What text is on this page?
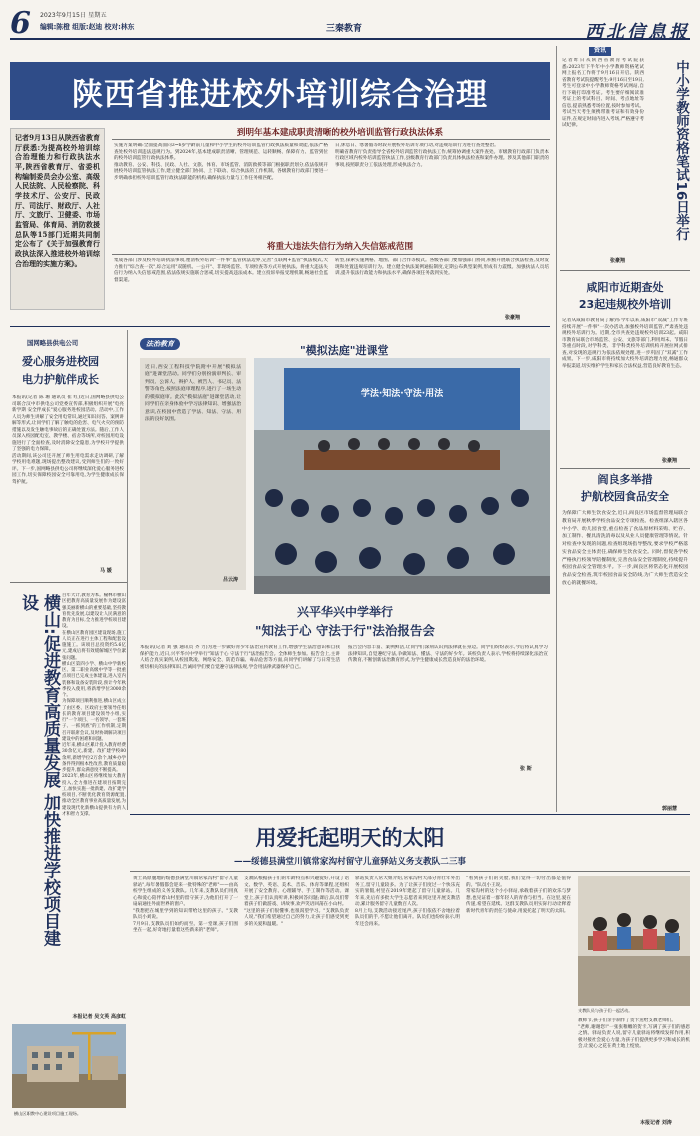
6 2023年9月15日 星期五
编辑:陈橙 组版:赵迪 校对:林东	三秦教育	西北信息报
陕西省推进校外培训综合治理
记者9月13日从陕西省教育厅获悉:为提高校外培训综合治理能力和行政执法水平,陕西省教育厅、省委机构编制委员会办公室、高级人民法院、人民检察院、科学技术厅、公安厅、民政厅、司法厅、财政厅、人社厅、文旅厅、卫健委、市场监管局、体育局、消防救援总队等15部门近期共同制定公布了《关于加强教育行政执法深入推进校外培训综合治理的实施方案》。
到明年基本建成职责清晰的校外培训监管行政执法体系
实施方案明确:全面提高面向3~6岁学龄前儿童和中小学生的校外培训监管行政执法质量和效能,依法严格查处校外培训违法违规行为。到2024年,基本建成职责清晰、管理规范、运转顺畅、保障有力、监管到位的校外培训监管行政执法体系。
推动教育、公安、科技、民政、人社、文旅、体育、市场监管、消防救援等部门根据职责划分,依法依规开展校外培训监管执法工作,建立健全部门协同、上下联动、综合执法的工作机制。各级教育行政部门要进一步明确承担校外培训监管行政执法职能的机构,确保执法力量与工作任务相匹配。
日,休息日、寒暑假等时段开展校外培训专项行动,对违规培训行为进行查处整治。
明确省教育厅负责指导全省校外培训监管行政执法工作,统筹协调重大案件查处。市级教育行政部门负责本行政区域内校外培训监管执法工作,县级教育行政部门负责具体执法检查和案件办理。涉及其他部门职责的事项,按照职责分工依法处理,形成执法合力。
将重大违法失信行为纳入失信惩戒范围
集成各部门涉及校外培训执法事项,厘清校外培训"一件事"监管执法边界,完善"互联网+监管"执法模式,大力推行"综合查一次",综合运用"双随机、一公开"、非现场监管、专项检查等方式开展执法。将重大违法失信行为纳入失信惩戒范围,依法依规实施联合惩戒,切实提高违法成本。建立投诉举报受理机制,畅通社会监督渠道。
转型,探索实施网格、地图、部门合作等模式。各级各部门要加强部门协同,积极开展联合执法检查,及时发现和处置违规培训行为。建立健全执法案例通报制度,定期公布典型案例,形成有力震慑。加强执法人员培训,提升依法行政能力和执法水平,确保各项任务落到实处。
张豪翔
国网略县供电公司
爱心服务进校园
电力护航伴成长
本报讯(记者 陈 珊 通讯员 崔 红)近日,国网略县供电公司联合汉中市供电公司党委宣传部,积极组织开展"电亮新学期 安全伴成长"爱心服务进校园活动。活动中,工作人员为师生讲解了安全用电常识,通过知识问答、案例讲解等形式,让同学们了解了触电的危害、电气火灾的预防措施以及发生触电事故后的正确处置方法。随后,工作人员深入校园配电室、教学楼、宿舍等场所,对校园用电设施进行了全面检查,及时消除安全隐患,为学校开学提供了坚强的电力保障。
活动期间,该公司还开展了师生用电需求走访调研,了解学校用电难题,现场提出整改建议,受到师生们的一致好评。下一步,国网略县供电公司将继续深化爱心服务进校园工作,切实保障校园安全可靠用电,为学生健康成长保驾护航。
马 媛
横山:促进教育高质量发展 加快推进学校项目建设	百年大计,教育为本。榆林市横山区把教育高质量发展作为建设富强美丽新横山的重要基础,坚持教育优先发展,以建设让人民满意的教育为目标,全力推进学校项目建设。
在横山区教育园区建设现场,施工人员正在进行主体工程和配套设施施工。该项目总投资约5.6亿元,建成后将有效缓解城区学位紧张问题。
横山区第四小学、横山中学新校区、第二职业高级中学等一批重点项目已完成主体建设,进入室内装修和设备安装阶段,预计今年秋季投入使用,将新增学位3000余个。
为保障项目顺利推进,横山区成立了由区委、区政府主要领导任组长的教育项目建设领导小组,实行"一个项目、一名领导、一套班子、一抓到底"的工作机制,定期召开联席会议,及时协调解决项目建设中的困难和问题。
近年来,横山区累计投入教育经费30余亿元,新建、改扩建学校80余所,新增学位2万余个,城乡办学条件得到根本性改善,教育质量稳步提升,群众满意度不断提高。
2023年,横山区将继续加大教育投入,全力推进在建项目按期完工,加快实施一批新建、改扩建学校项目,不断优化教育资源配置,推动全区教育事业高质量发展,为建设现代化新横山提供有力的人才和智力支撑。
本报记者 吴文英 高彦虹
横山区职教中心建设项目施工现场。
法治教育
近日,西安工程科技学院附中开展"模拟法庭"进课堂活动。同学们分别扮演审判长、审判员、公诉人、辩护人、被告人、书记员、法警等角色,按照法庭审理程序,进行了一场生动的模拟庭审。此次"模拟法庭"进课堂活动,让同学们在亲身体验中学习法律知识、增强法治意识,在校园中营造了学法、知法、守法、用法的良好氛围。
吕云涛
"模拟法庭"进课堂
学法·知法·守法·用法
兴平华兴中学举行
"知法于心 守法于行"法治报告会
本报讯(记者 刘 强 通讯员 齐 力)为进一步做好青少年法治宣传教育工作,增强学生法治意识和自我保护能力,近日,兴平华兴中学举行"知法于心 守法于行"法治报告会。全体师生参加。报告会上,主讲人结合真实案例,从校园欺凌、网络安全、防范诈骗、毒品危害等方面,向同学们讲解了与日常生活密切相关的法律知识,告诫同学们要自觉遵守法律法规,学会用法律武器保护自己。
报告会内容丰富、案例鲜活,让同学们深刻认识到法律就在身边。同学们纷纷表示,今后将认真学习法律知识,自觉遵纪守法,争做知法、懂法、守法的好少年。该校负责人表示,学校将持续深化法治宣传教育,不断创新法治教育形式,为学生健康成长营造良好的法治环境。
张 斯
资讯
记者昨日从陕西省教育考试院获悉:2023年下半年中小学教师资格笔试网上报名工作将于9月16日开启。陕西省教育考试院提醒考生:9月16日至19日,考生可登录中小学教师资格考试网站,自行下载打印准考证。考生要仔细阅读准考证上的考试科目、时间、考点地址等信息,提前熟悉考场位置,按时参加考试。考试当天考生须携带准考证和有效身份证件,在规定时间内进入考场,严格遵守考试纪律。	中小学教师资格笔试16日举行
张豪翔
咸阳市近期查处
23起违规校外培训
记者从咸阳市教育局了解到:今年以来,咸阳市"双减"工作专班持续开展"一件事"一次办活动,加强校外培训监管,严肃查处违规校外培训行为。近期,全市共查处违规校外培训23起。咸阳市教育局联合市场监管、公安、文旅等部门,利用周末、节假日等重点时段,对学科类、非学科类校外培训机构开展拉网式排查,对发现的违规行为依法依规处理,进一步巩固了"双减"工作成果。下一步,咸阳市将持续加大校外培训治理力度,畅通群众举报渠道,切实维护学生和家长合法权益,营造良好教育生态。
张豪翔
阎良多举措
护航校园食品安全
为保障广大师生饮食安全,近日,阎良区市场监督管理局联合教育局开展秋季学校食品安全专项检查。检查组深入辖区各中小学、幼儿园食堂,重点检查了食品原材料采购、贮存、加工制作、餐具清洗消毒以及从业人员健康管理等情况。针对检查中发现的问题,检查组现场指导整改,要求学校严格落实食品安全主体责任,确保师生饮食安全。同时,督促各学校严格执行校领导陪餐制度,完善食品安全管理制度,持续提升校园食品安全管理水平。下一步,阎良区将常态化开展校园食品安全检查,筑牢校园食品安全防线,为广大师生营造安全放心的就餐环境。
郭丽慧
用爱托起明天的太阳
——绥德县满堂川镇常家沟村留守儿童驿站义务支教队二三事
黄土高原腹地的绥德县满堂川镇常家沟村"留守儿童驿站",每年暑假都会迎来一批特殊的"老师"——由高校学生组成的义务支教队。几年来,支教队员们用真心和爱心陪伴着山村里的留守孩子,为他们打开了一扇扇通往外面世界的窗户。
"我想把在城里学到的知识带给这里的孩子。"支教队员小刘说。
7月9日,支教队员们如约而至。第一堂课,孩子们围坐在一起,好奇地打量着这些新来的"老师"。
支教队根据孩子们的年龄特点和兴趣爱好,开设了语文、数学、英语、美术、音乐、体育等课程,还组织开展了安全教育、心理辅导、手工制作等活动。课堂上,孩子们认真听讲,积极回答问题;课后,队员们带着孩子们做游戏、讲故事,欢声笑语回荡在小山村。
"这里的孩子们很懂事,也很渴望学习。"支教队负责人说,"我们希望通过自己的努力,让孩子们感受到更多的关爱和温暖。"
驿站负责人常大姐介绍,常家沟村大部分青壮年外出务工,留守儿童较多。为了让孩子们度过一个快乐充实的暑假,村里在2019年建起了留守儿童驿站。几年来,先后有多批大学生志愿者来到这里开展支教活动,累计服务留守儿童数百人次。
8月上旬,支教活动接近尾声,孩子们依依不舍地拉着队员们的手,不愿让他们离开。队员们也纷纷表示,明年还会再来。
"看到孩子们的笑脸,我们觉得一切付出都是值得的。"队员小王说。
常家沟村的这个小小驿站,承载着孩子们的欢乐与梦想,也见证着一群年轻人的青春与担当。在这里,爱在传递,希望在延续。这群支教队员用实际行动诠释着新时代青年的责任与使命,用爱托起了明天的太阳。
支教队员与孩子们一起活动。
教师节,孩子们亲手制作了贺卡送给支教老师们。
"老师,谢谢您!"一张张稚嫩的贺卡,写满了孩子们的感恩之情。驿站负责人说,留守儿童驿站将继续发挥作用,积极对接社会爱心力量,为孩子们提供更多学习和成长的机会,让爱心之花在黄土地上绽放。
本报记者 刘涛
